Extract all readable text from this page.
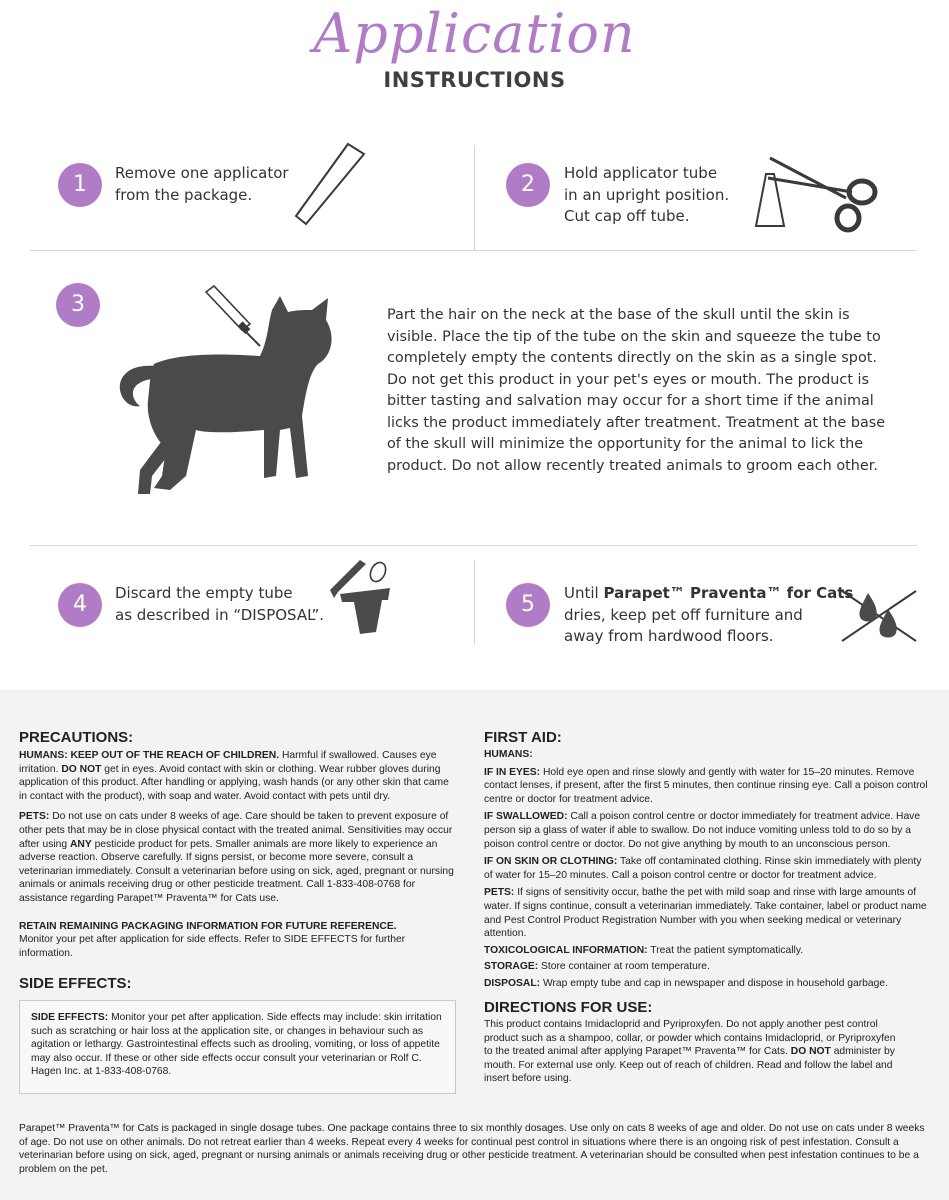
Application
INSTRUCTIONS
1	Remove one applicator
from the package.	2	Hold applicator tube
in an upright position.
Cut cap off tube.
3	Part the hair on the neck at the base of the skull until the skin is visible. Place the tip of the tube on the skin and squeeze the tube to completely empty the contents directly on the skin as a single spot. Do not get this product in your pet's eyes or mouth. The product is bitter tasting and salvation may occur for a short time if the animal licks the product immediately after treatment. Treatment at the base of the skull will minimize the opportunity for the animal to lick the product. Do not allow recently treated animals to groom each other.
4	Discard the empty tube
as described in “DISPOSAL”.	5	Until Parapet™ Praventa™ for Cats
dries, keep pet off furniture and
away from hardwood floors.
PRECAUTIONS:

HUMANS: KEEP OUT OF THE REACH OF CHILDREN. Harmful if swallowed. Causes eye irritation. DO NOT get in eyes. Avoid contact with skin or clothing. Wear rubber gloves during application of this product. After handling or applying, wash hands (or any other skin that came in contact with the product), with soap and water. Avoid contact with pets until dry.

PETS: Do not use on cats under 8 weeks of age. Care should be taken to prevent exposure of other pets that may be in close physical contact with the treated animal. Sensitivities may occur after using ANY pesticide product for pets. Smaller animals are more likely to experience an adverse reaction. Observe carefully. If signs persist, or become more severe, consult a veterinarian immediately. Consult a veterinarian before using on sick, aged, pregnant or nursing animals or animals receiving drug or other pesticide treatment. Call 1-833-408-0768 for assistance regarding Parapet™ Praventa™ for Cats use.

RETAIN REMAINING PACKAGING INFORMATION FOR FUTURE REFERENCE.
Monitor your pet after application for side effects. Refer to SIDE EFFECTS for further information.

SIDE EFFECTS:

SIDE EFFECTS: Monitor your pet after application. Side effects may include: skin irritation such as scratching or hair loss at the application site, or changes in behaviour such as agitation or lethargy. Gastrointestinal effects such as drooling, vomiting, or loss of appetite may also occur. If these or other side effects occur consult your veterinarian or Rolf C. Hagen Inc. at 1-833-408-0768.

FIRST AID:

HUMANS:

IF IN EYES: Hold eye open and rinse slowly and gently with water for 15–20 minutes. Remove contact lenses, if present, after the first 5 minutes, then continue rinsing eye. Call a poison control centre or doctor for treatment advice.

IF SWALLOWED: Call a poison control centre or doctor immediately for treatment advice. Have person sip a glass of water if able to swallow. Do not induce vomiting unless told to do so by a poison control centre or doctor. Do not give anything by mouth to an unconscious person.

IF ON SKIN OR CLOTHING: Take off contaminated clothing. Rinse skin immediately with plenty of water for 15–20 minutes. Call a poison control centre or doctor for treatment advice.

PETS: If signs of sensitivity occur, bathe the pet with mild soap and rinse with large amounts of water. If signs continue, consult a veterinarian immediately. Take container, label or product name and Pest Control Product Registration Number with you when seeking medical or veterinary attention.

TOXICOLOGICAL INFORMATION: Treat the patient symptomatically.

STORAGE: Store container at room temperature.

DISPOSAL: Wrap empty tube and cap in newspaper and dispose in household garbage.

DIRECTIONS FOR USE:

This product contains Imidacloprid and Pyriproxyfen. Do not apply another pest control product such as a shampoo, collar, or powder which contains Imidacloprid, or Pyriproxyfen to the treated animal after applying Parapet™ Praventa™ for Cats. DO NOT administer by mouth. For external use only. Keep out of reach of children. Read and follow the label and insert before using.

Parapet™ Praventa™ for Cats is packaged in single dosage tubes. One package contains three to six monthly dosages. Use only on cats 8 weeks of age and older. Do not use on cats under 8 weeks of age. Do not use on other animals. Do not retreat earlier than 4 weeks. Repeat every 4 weeks for continual pest control in situations where there is an ongoing risk of pest infestation. Consult a veterinarian before using on sick, aged, pregnant or nursing animals or animals receiving drug or other pesticide treatment. A veterinarian should be consulted when pest infestation continues to be a problem on the pet.
